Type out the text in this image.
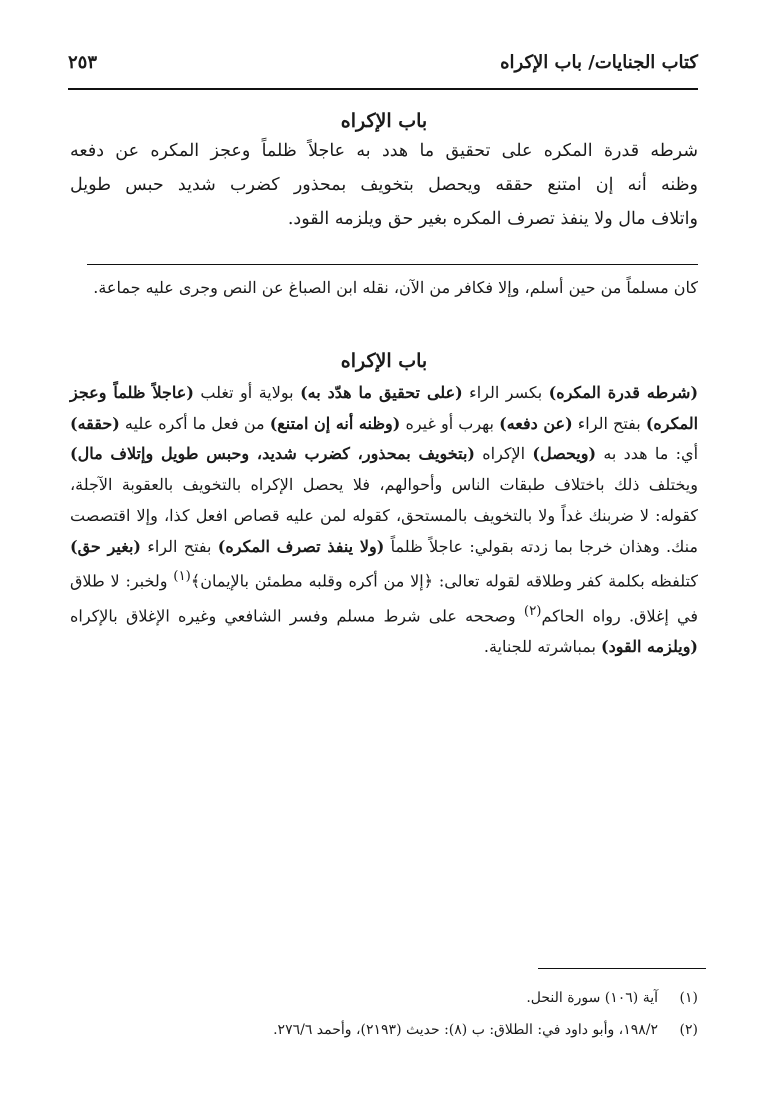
كتاب الجنايات/ باب الإكراه
٢٥٣
باب الإكراه
شرطه قدرة المكره على تحقيق ما هدد به عاجلاً ظلماً وعجز المكره عن دفعه
وظنه أنه إن امتنع حققه ويحصل بتخويف بمحذور كضرب شديد حبس طويل
واتلاف مال ولا ينفذ تصرف المكره بغير حق ويلزمه القود.

كان مسلماً من حين أسلم، وإلا فكافر من الآن، نقله ابن الصباغ عن النص وجرى عليه جماعة.

باب الإكراه

(شرطه قدرة المكره) بكسر الراء (على تحقيق ما هدّد به) بولاية أو تغلب (عاجلاً ظلماً وعجز المكره) بفتح الراء (عن دفعه) بهرب أو غيره (وظنه أنه إن امتنع) من فعل ما أكره عليه (حققه) أي: ما هدد به (ويحصل) الإكراه (بتخويف بمحذور، كضرب شديد، وحبس طويل وإتلاف مال) ويختلف ذلك باختلاف طبقات الناس وأحوالهم، فلا يحصل الإكراه بالتخويف بالعقوبة الآجلة، كقوله: لا ضربنك غداً ولا بالتخويف بالمستحق، كقوله لمن عليه قصاص افعل كذا، وإلا اقتصصت منك. وهذان خرجا بما زدته بقولي: عاجلاً ظلماً (ولا ينفذ تصرف المكره) بفتح الراء (بغير حق) كتلفظه بكلمة كفر وطلاقه لقوله تعالى: ﴿إلا من أكره وقلبه مطمئن بالإيمان﴾$^{(١)}$ ولخبر: لا طلاق في إغلاق. رواه الحاكم$^{(٢)}$ وصححه على شرط مسلم وفسر الشافعي وغيره الإغلاق بالإكراه (ويلزمه القود) بمباشرته للجناية.

(١)
آية (١٠٦) سورة النحل.
(٢)
١٩٨/٢، وأبو داود في: الطلاق: ب (٨): حديث (٢١٩٣)، وأحمد ٢٧٦/٦.
